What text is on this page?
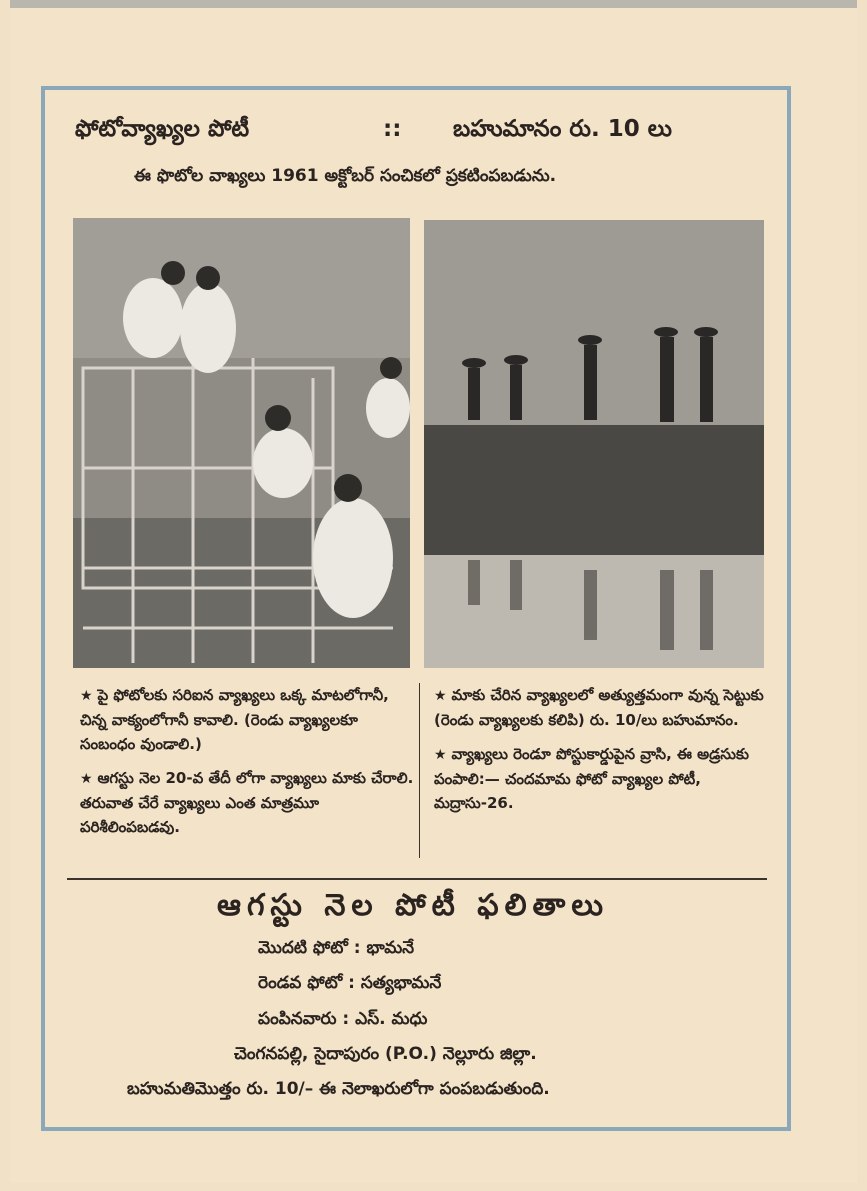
ఫోటోవ్యాఖ్యల పోటీ	:: బహుమానం రు. 10 లు
ఈ ఫొటోల వాఖ్యలు 1961 అక్టోబర్ సంచికలో ప్రకటింపబడును.

★ పై ఫోటోలకు సరిఐన వ్యాఖ్యలు ఒక్క మాటలోగానీ, చిన్న వాక్యంలోగానీ కావాలి. (రెండు వ్యాఖ్యలకూ సంబంధం వుండాలి.)

★ ఆగస్టు నెల 20-వ తేదీ లోగా వ్యాఖ్యలు మాకు చేరాలి. తరువాత చేరే వ్యాఖ్యలు ఎంత మాత్రమూ పరిశీలింపబడవు.

★ మాకు చేరిన వ్యాఖ్యలలో అత్యుత్తమంగా వున్న సెట్టుకు (రెండు వ్యాఖ్యలకు కలిపి) రు. 10/లు బహుమానం.

★ వ్యాఖ్యలు రెండూ పోస్టుకార్డుపైన వ్రాసి, ఈ అడ్రసుకు పంపాలి:— చందమామ ఫోటో వ్యాఖ్యల పోటీ, మద్రాసు-26.

ఆగస్టు నెల పోటీ ఫలితాలు
మొదటి ఫోటో : భామనే
రెండవ ఫోటో : సత్యభామనే
పంపినవారు : ఎస్. మధు
చెంగనపల్లి, సైదాపురం (P.O.) నెల్లూరు జిల్లా.
బహుమతిమొత్తం రు. 10/– ఈ నెలాఖరులోగా పంపబడుతుంది.
